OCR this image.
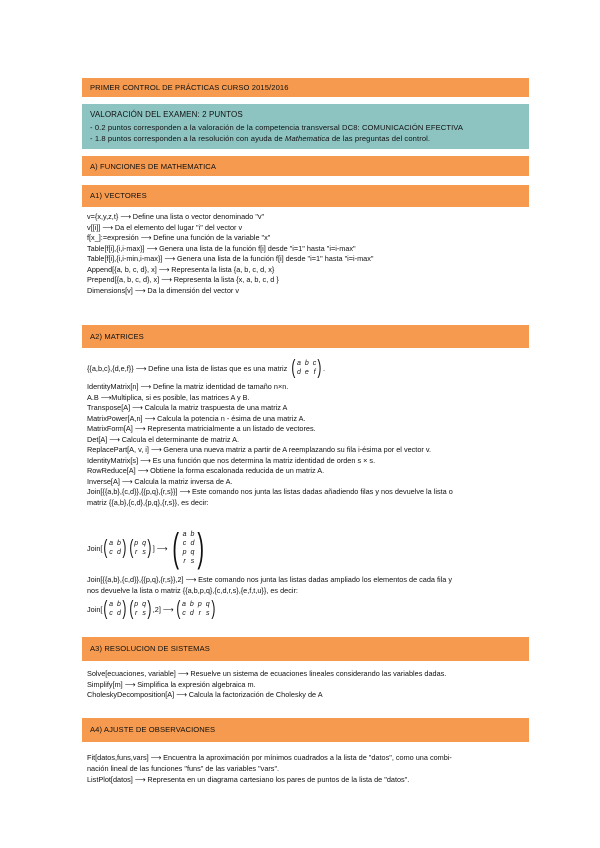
PRIMER CONTROL DE PRÁCTICAS CURSO 2015/2016
VALORACIÓN DEL EXAMEN: 2 PUNTOS
- 0.2 puntos corresponden a la valoración de la competencia transversal DC8: COMUNICACIÓN EFECTIVA
- 1.8 puntos corresponden a la resolución con ayuda de Mathematica de las preguntas del control.
A) FUNCIONES DE MATHEMATICA
A1) VECTORES
v={x,y,z,t} ⟶ Define una lista o vector denominado "v"
v[[i]] ⟶ Da el elemento del lugar "i" del vector v
f[x_]:=expresión ⟶ Define una función de la variable "x"
Table[f[i],{i,i-max}] ⟶ Genera una lista de la función f[i] desde "i=1" hasta "i=i-max"
Table[f[i],{i,i-min,i-max}] ⟶ Genera una lista de la función f[i] desde "i=1" hasta "i=i-max"
Append[{a, b, c, d}, x] ⟶ Representa la lista {a, b, c, d, x}
Prepend[{a, b, c, d}, x] ⟶ Representa la lista {x, a, b, c, d }
Dimensions[v] ⟶ Da la dimensión del vector v
A2) MATRICES
{{a,b,c},{d,e,f}} ⟶ Define una lista de listas que es una matriz ( a b c
d e f ) .
IdentityMatrix[n] ⟶ Define la matriz identidad de tamaño n×n.
A.B ⟶Multiplica, si es posible, las matrices A y B.
Transpose[A] ⟶ Calcula la matriz traspuesta de una matriz A
MatrixPower[A,n] ⟶ Calcula la potencia n - ésima de una matriz A.
MatrixForm[A] ⟶ Representa matricialmente a un listado de vectores.
Det[A] ⟶ Calcula el determinante de matriz A.
ReplacePart[A, v, i] ⟶ Genera una nueva matriz a partir de A reemplazando su fila i-ésima por el vector v.
IdentityMatrix[s] ⟶ Es una función que nos determina la matriz identidad de orden s × s.
RowReduce[A] ⟶ Obtiene la forma escalonada reducida de un matriz A.
Inverse[A] ⟶ Calcula la matriz inversa de A.
Join[{{a,b},{c,d}},{{p,q},{r,s}}] ⟶ Este comando nos junta las listas dadas añadiendo filas y nos devuelve la lista o
matriz {{a,b},{c,d},{p,q},{r,s}}, es decir:
Join[ ( a b
c d ) ( p q
r s ) ] ⟶ ( a b
c d
p q
r s )
Join[{{a,b},{c,d}},{{p,q},{r,s}},2] ⟶ Este comando nos junta las listas dadas ampliado los elementos de cada fila y
nos devuelve la lista o matriz {{a,b,p,q},{c,d,r,s},{e,f,t,u}}, es decir:
Join[ ( a b
c d ) ( p q
r s ) ,2] ⟶ ( a b p q
c d r s )
A3) RESOLUCION DE SISTEMAS
Solve[ecuaciones, variable] ⟶ Resuelve un sistema de ecuaciones lineales considerando las variables dadas.
Simplify[m] ⟶ Simplifica la expresión algebraica m.
CholeskyDecomposition[A] ⟶ Calcula la factorización de Cholesky de A
A4) AJUSTE DE OBSERVACIONES
Fit[datos,funs,vars] ⟶ Encuentra la aproximación por mínimos cuadrados a la lista de "datos", como una combi-
nación lineal de las funciones "funs" de las variables "vars".
ListPlot[datos] ⟶ Representa en un diagrama cartesiano los pares de puntos de la lista de "datos".
